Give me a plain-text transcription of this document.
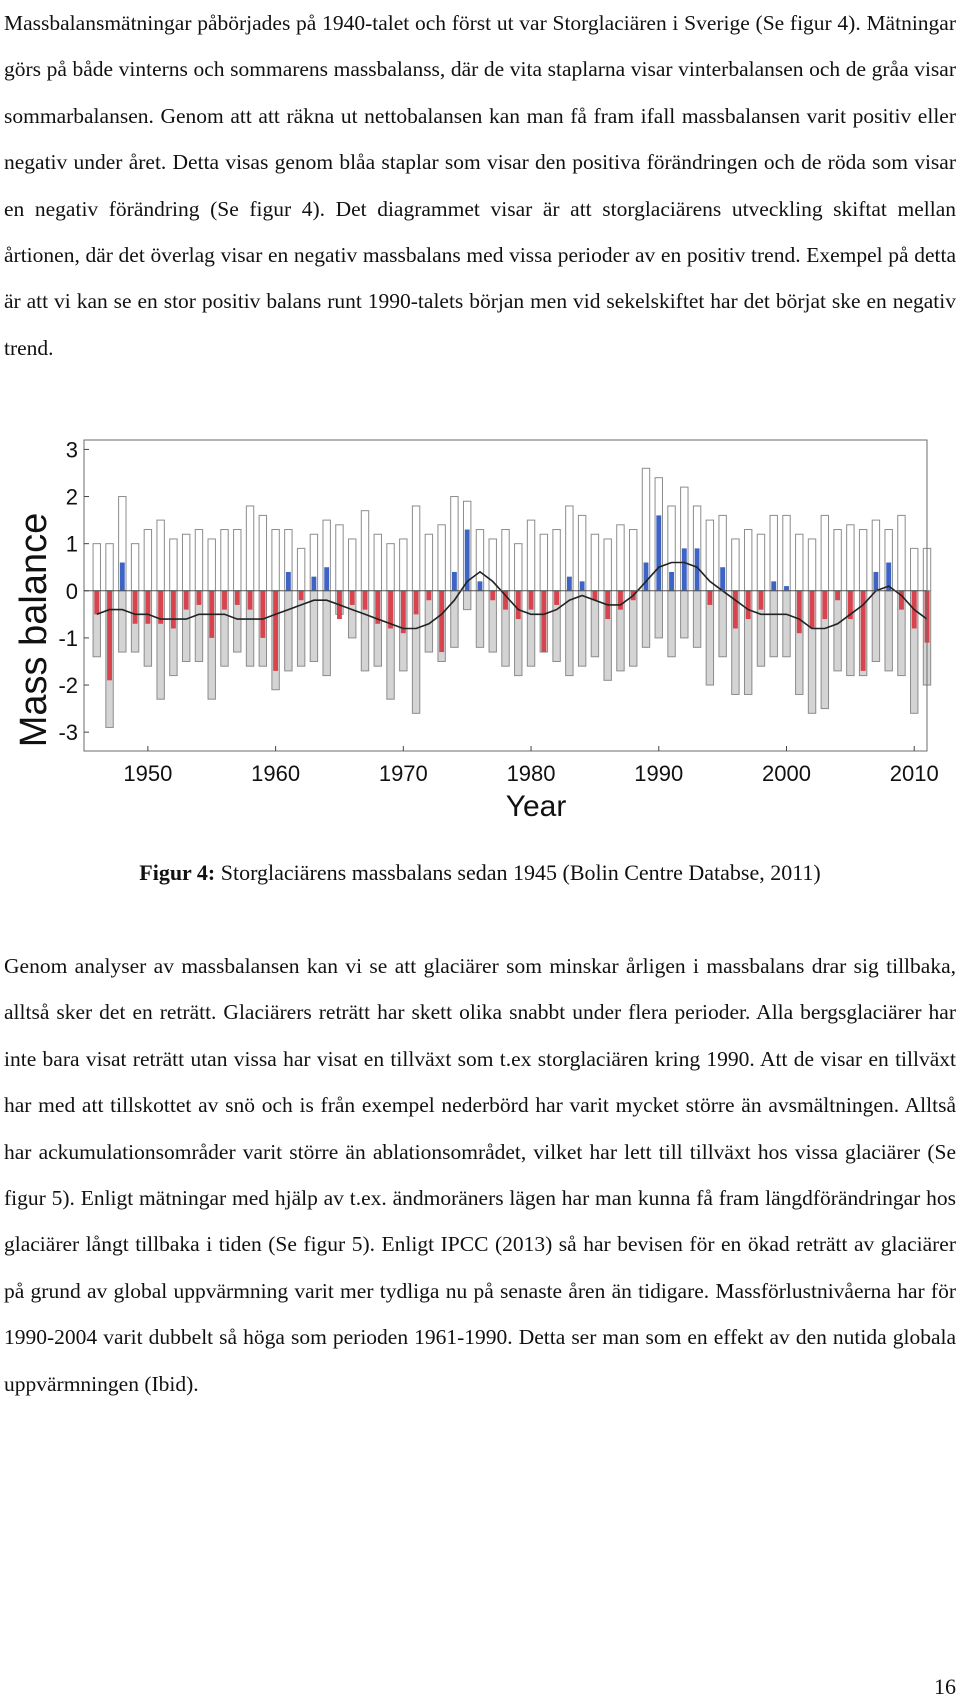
Massbalansmätningar påbörjades på 1940-talet och först ut var Storglaciären i Sverige (Se figur 4). Mätningar görs på både vinterns och sommarens massbalanss, där de vita staplarna visar vinterbalansen och de gråa visar sommarbalansen. Genom att att räkna ut nettobalansen kan man få fram ifall massbalansen varit positiv eller negativ under året. Detta visas genom blåa staplar som visar den positiva förändringen och de röda som visar en negativ förändring (Se figur 4). Det diagrammet visar är att storglaciärens utveckling skiftat mellan årtionen, där det överlag visar en negativ massbalans med vissa perioder av en positiv trend. Exempel på detta är att vi kan se en stor positiv balans runt 1990-talets början men vid sekelskiftet har det börjat ske en negativ trend.

-3
-2
-1
0
1
2
3
1950	1960	1970	1980	1990	2000	2010
Mass balance
Year

Figur 4: Storglaciärens massbalans sedan 1945 (Bolin Centre Databse, 2011)

Genom analyser av massbalansen kan vi se att glaciärer som minskar årligen i massbalans drar sig tillbaka, alltså sker det en reträtt. Glaciärers reträtt har skett olika snabbt under flera perioder. Alla bergsglaciärer har inte bara visat reträtt utan vissa har visat en tillväxt som t.ex storglaciären kring 1990. Att de visar en tillväxt har med att tillskottet av snö och is från exempel nederbörd har varit mycket större än avsmältningen. Alltså har ackumulationsområder varit större än ablationsområdet, vilket har lett till tillväxt hos vissa glaciärer (Se figur 5). Enligt mätningar med hjälp av t.ex. ändmoräners lägen har man kunna få fram längdförändringar hos glaciärer långt tillbaka i tiden (Se figur 5). Enligt IPCC (2013) så har bevisen för en ökad reträtt av glaciärer på grund av global uppvärmning varit mer tydliga nu på senaste åren än tidigare. Massförlustnivåerna har för 1990-2004 varit dubbelt så höga som perioden 1961-1990. Detta ser man som en effekt av den nutida globala uppvärmningen (Ibid).

16
